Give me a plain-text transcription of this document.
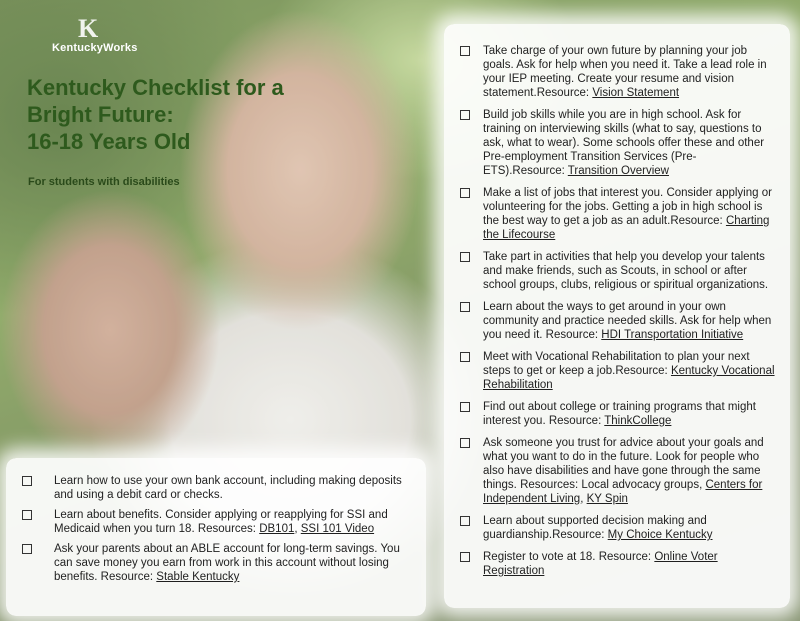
K
KentuckyWorks
Kentucky Checklist for a
Bright Future:
16-18 Years Old
For students with disabilities
Take charge of your own future by planning your job goals. Ask for help when you need it. Take a lead role in your IEP meeting. Create your resume and vision statement.Resource: Vision Statement
Build job skills while you are in high school. Ask for training on interviewing skills (what to say, questions to ask, what to wear). Some schools offer these and other Pre-employment Transition Services (Pre-ETS).Resource: Transition Overview
Make a list of jobs that interest you. Consider applying or volunteering for the jobs. Getting a job in high school is the best way to get a job as an adult.Resource: Charting the Lifecourse
Take part in activities that help you develop your talents and make friends, such as Scouts, in school or after school groups, clubs, religious or spiritual organizations.
Learn about the ways to get around in your own community and practice needed skills. Ask for help when you need it. Resource: HDI Transportation Initiative
Meet with Vocational Rehabilitation to plan your next steps to get or keep a job.Resource: Kentucky Vocational Rehabilitation
Find out about college or training programs that might interest you. Resource: ThinkCollege
Ask someone you trust for advice about your goals and what you want to do in the future. Look for people who also have disabilities and have gone through the same things. Resources: Local advocacy groups, Centers for Independent Living, KY Spin
Learn about supported decision making and guardianship.Resource: My Choice Kentucky
Register to vote at 18. Resource: Online Voter Registration
Learn how to use your own bank account, including making deposits and using a debit card or checks.
Learn about benefits. Consider applying or reapplying for SSI and Medicaid when you turn 18. Resources: DB101, SSI 101 Video
Ask your parents about an ABLE account for long-term savings. You can save money you earn from work in this account without losing benefits. Resource: Stable Kentucky
